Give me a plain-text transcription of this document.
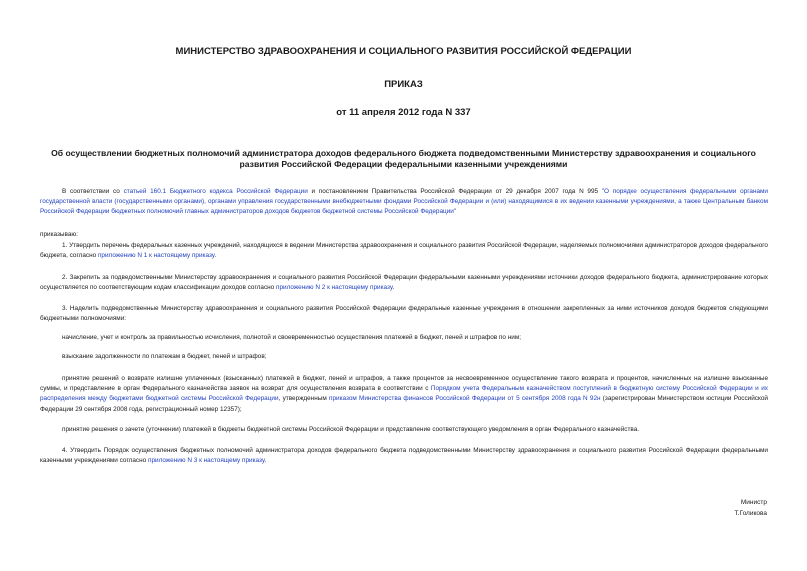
МИНИСТЕРСТВО ЗДРАВООХРАНЕНИЯ И СОЦИАЛЬНОГО РАЗВИТИЯ РОССИЙСКОЙ ФЕДЕРАЦИИ
ПРИКАЗ
от 11 апреля 2012 года N 337
Об осуществлении бюджетных полномочий администратора доходов федерального бюджета подведомственными Министерству здравоохранения и социального развития Российской Федерации федеральными казенными учреждениями
В соответствии со статьей 160.1 Бюджетного кодекса Российской Федерации и постановлением Правительства Российской Федерации от 29 декабря 2007 года N 995 "О порядке осуществления федеральными органами государственной власти (государственными органами), органами управления государственными внебюджетными фондами Российской Федерации и (или) находящимися в их ведении казенными учреждениями, а также Центральным банком Российской Федерации бюджетных полномочий главных администраторов доходов бюджетов бюджетной системы Российской Федерации"
приказываю:
1. Утвердить перечень федеральных казенных учреждений, находящихся в ведении Министерства здравоохранения и социального развития Российской Федерации, наделяемых полномочиями администраторов доходов федерального бюджета, согласно приложению N 1 к настоящему приказу.
2. Закрепить за подведомственными Министерству здравоохранения и социального развития Российской Федерации федеральными казенными учреждениями источники доходов федерального бюджета, администрирование которых осуществляется по соответствующим кодам классификации доходов согласно приложению N 2 к настоящему приказу.
3. Наделить подведомственные Министерству здравоохранения и социального развития Российской Федерации федеральные казенные учреждения в отношении закрепленных за ними источников доходов бюджетов следующими бюджетными полномочиями:
начисление, учет и контроль за правильностью исчисления, полнотой и своевременностью осуществления платежей в бюджет, пеней и штрафов по ним;
взыскание задолженности по платежам в бюджет, пеней и штрафов;
принятие решений о возврате излишне уплаченных (взысканных) платежей в бюджет, пеней и штрафов, а также процентов за несвоевременное осуществление такого возврата и процентов, начисленных на излишне взысканные суммы, и представление в орган Федерального казначейства заявок на возврат для осуществления возврата в соответствии с Порядком учета Федеральным казначейством поступлений в бюджетную систему Российской Федерации и их распределения между бюджетами бюджетной системы Российской Федерации, утвержденным приказом Министерства финансов Российской Федерации от 5 сентября 2008 года N 92н (зарегистрирован Министерством юстиции Российской Федерации 29 сентября 2008 года, регистрационный номер 12357);
принятие решения о зачете (уточнении) платежей в бюджеты бюджетной системы Российской Федерации и представление соответствующего уведомления в орган Федерального казначейства.
4. Утвердить Порядок осуществления бюджетных полномочий администратора доходов федерального бюджета подведомственными Министерству здравоохранения и социального развития Российской Федерации федеральными казенными учреждениями согласно приложению N 3 к настоящему приказу.
Министр
Т.Голикова
